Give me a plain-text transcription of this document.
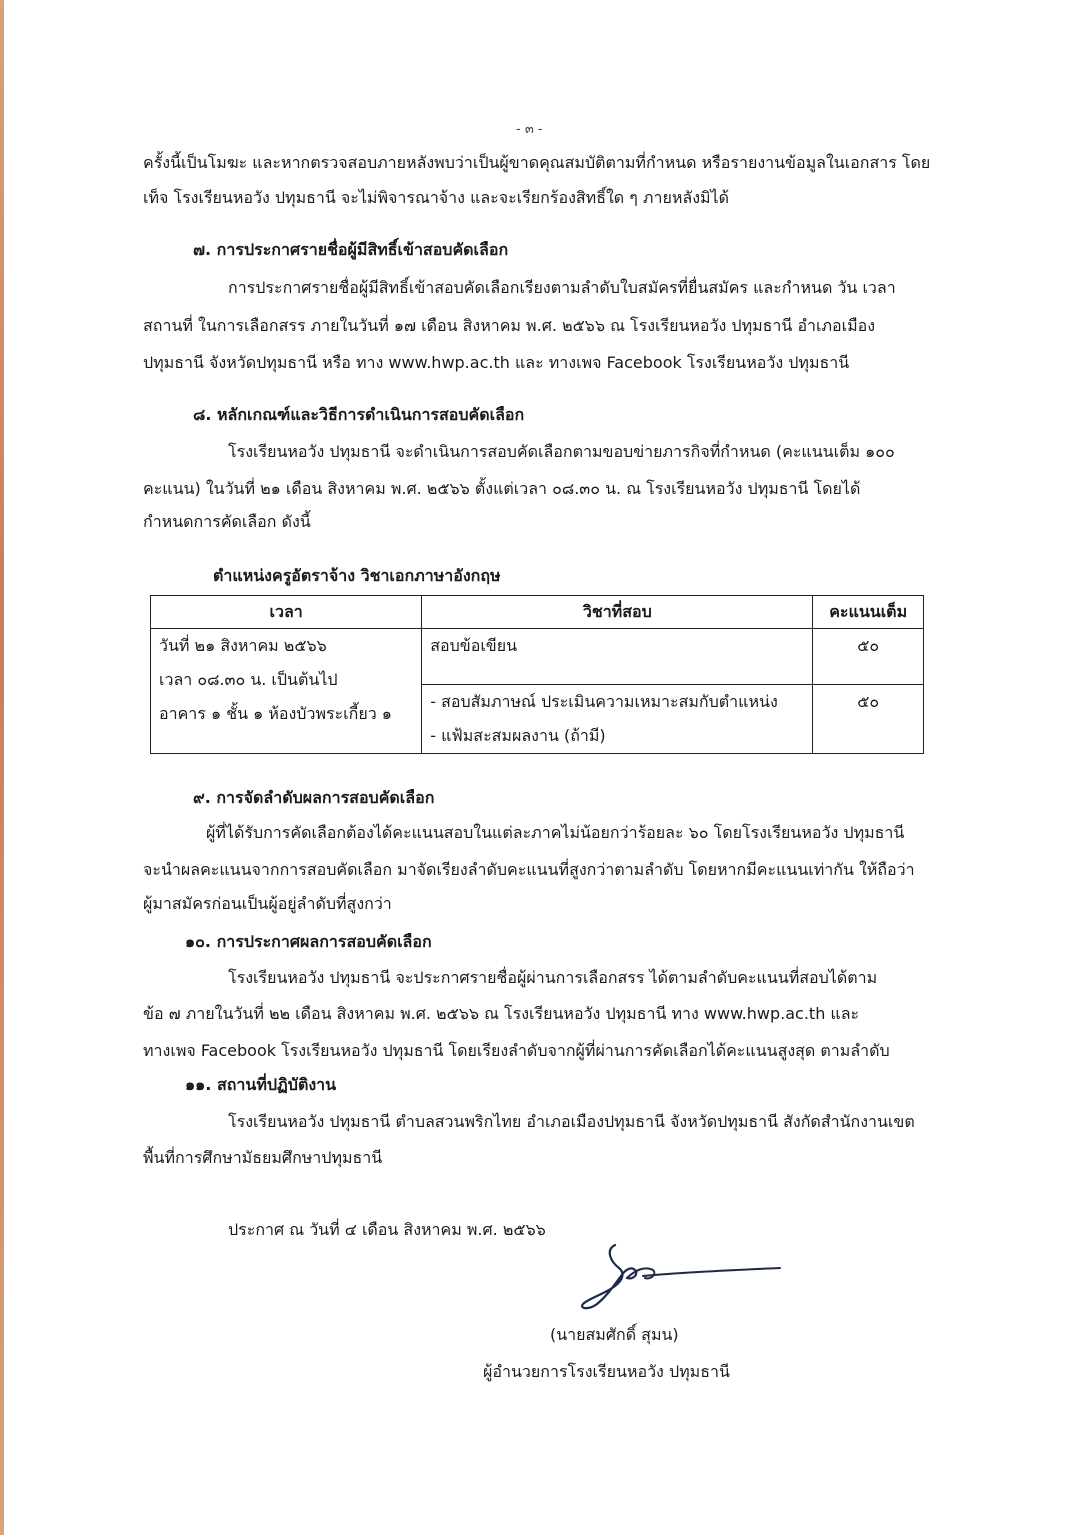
- ๓ -
ครั้งนี้เป็นโมฆะ และหากตรวจสอบภายหลังพบว่าเป็นผู้ขาดคุณสมบัติตามที่กำหนด หรือรายงานข้อมูลในเอกสาร โดย
เท็จ โรงเรียนหอวัง ปทุมธานี จะไม่พิจารณาจ้าง และจะเรียกร้องสิทธิ์ใด ๆ ภายหลังมิได้
๗. การประกาศรายชื่อผู้มีสิทธิ์เข้าสอบคัดเลือก
การประกาศรายชื่อผู้มีสิทธิ์เข้าสอบคัดเลือกเรียงตามลำดับใบสมัครที่ยื่นสมัคร และกำหนด วัน เวลา
สถานที่ ในการเลือกสรร ภายในวันที่ ๑๗ เดือน สิงหาคม พ.ศ. ๒๕๖๖ ณ โรงเรียนหอวัง ปทุมธานี อำเภอเมือง
ปทุมธานี จังหวัดปทุมธานี หรือ ทาง www.hwp.ac.th และ ทางเพจ Facebook โรงเรียนหอวัง ปทุมธานี
๘. หลักเกณฑ์และวิธีการดำเนินการสอบคัดเลือก
โรงเรียนหอวัง ปทุมธานี จะดำเนินการสอบคัดเลือกตามขอบข่ายภารกิจที่กำหนด (คะแนนเต็ม ๑๐๐
คะแนน) ในวันที่ ๒๑ เดือน สิงหาคม พ.ศ. ๒๕๖๖ ตั้งแต่เวลา ๐๘.๓๐ น. ณ โรงเรียนหอวัง ปทุมธานี โดยได้
กำหนดการคัดเลือก ดังนี้
ตำแหน่งครูอัตราจ้าง วิชาเอกภาษาอังกฤษ
เวลา	วิชาที่สอบ	คะแนนเต็ม

วันที่ ๒๑ สิงหาคม ๒๕๖๖
เวลา ๐๘.๓๐ น. เป็นต้นไป
อาคาร ๑ ชั้น ๑ ห้องบัวพระเกี้ยว ๑	สอบข้อเขียน	๕๐

	- สอบสัมภาษณ์ ประเมินความเหมาะสมกับตำแหน่ง
- แฟ้มสะสมผลงาน (ถ้ามี)	๕๐
๙. การจัดลำดับผลการสอบคัดเลือก
ผู้ที่ได้รับการคัดเลือกต้องได้คะแนนสอบในแต่ละภาคไม่น้อยกว่าร้อยละ ๖๐ โดยโรงเรียนหอวัง ปทุมธานี
จะนำผลคะแนนจากการสอบคัดเลือก มาจัดเรียงลำดับคะแนนที่สูงกว่าตามลำดับ โดยหากมีคะแนนเท่ากัน ให้ถือว่า
ผู้มาสมัครก่อนเป็นผู้อยู่ลำดับที่สูงกว่า
๑๐. การประกาศผลการสอบคัดเลือก
โรงเรียนหอวัง ปทุมธานี จะประกาศรายชื่อผู้ผ่านการเลือกสรร ได้ตามลำดับคะแนนที่สอบได้ตาม
ข้อ ๗ ภายในวันที่ ๒๒ เดือน สิงหาคม พ.ศ. ๒๕๖๖ ณ โรงเรียนหอวัง ปทุมธานี ทาง www.hwp.ac.th และ
ทางเพจ Facebook โรงเรียนหอวัง ปทุมธานี โดยเรียงลำดับจากผู้ที่ผ่านการคัดเลือกได้คะแนนสูงสุด ตามลำดับ
๑๑. สถานที่ปฏิบัติงาน
โรงเรียนหอวัง ปทุมธานี ตำบลสวนพริกไทย อำเภอเมืองปทุมธานี จังหวัดปทุมธานี สังกัดสำนักงานเขต
พื้นที่การศึกษามัธยมศึกษาปทุมธานี
ประกาศ ณ วันที่ ๔ เดือน สิงหาคม พ.ศ. ๒๕๖๖
(นายสมศักดิ์ สุมน)
ผู้อำนวยการโรงเรียนหอวัง ปทุมธานี
